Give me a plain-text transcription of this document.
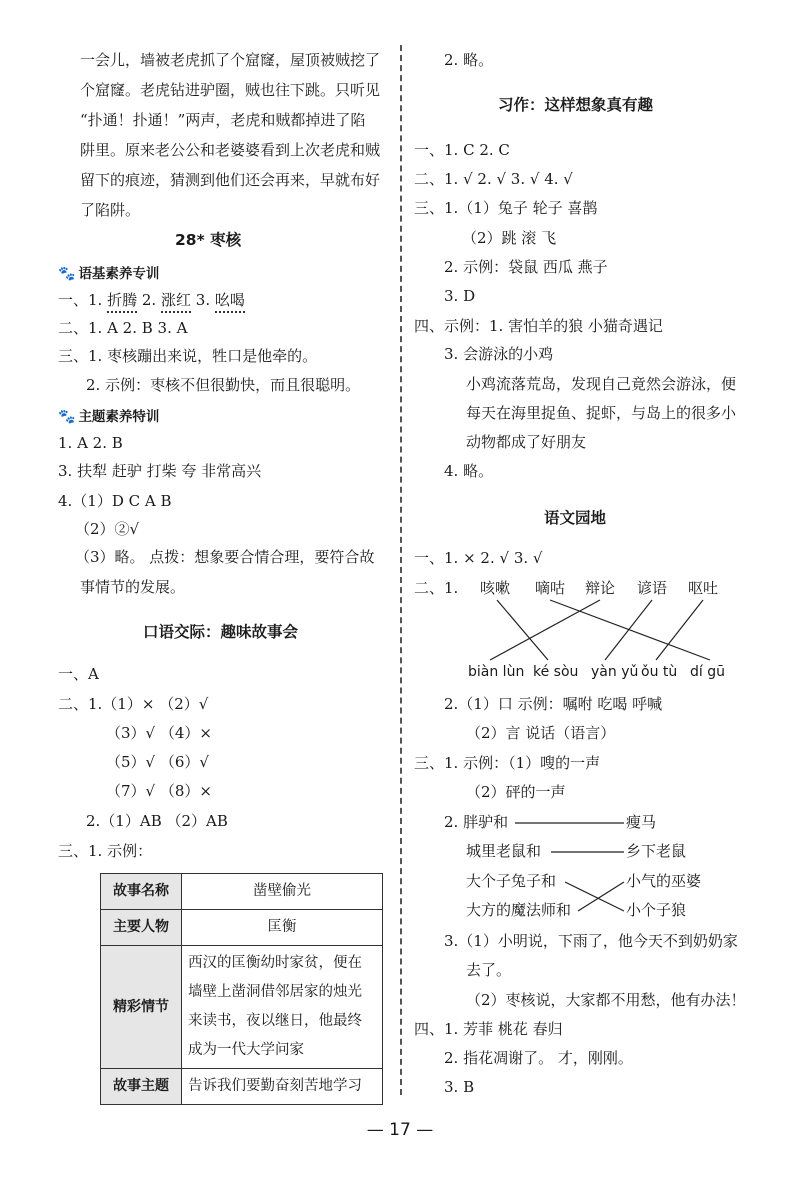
一会儿，墙被老虎抓了个窟窿，屋顶被贼挖了
个窟窿。老虎钻进驴圈，贼也往下跳。只听见
“扑通！扑通！”两声，老虎和贼都掉进了陷
阱里。原来老公公和老婆婆看到上次老虎和贼
留下的痕迹，猜测到他们还会再来，早就布好
了陷阱。
28* 枣核
🐾 语基素养专训
一、1. 折腾 2. 涨红 3. 吆喝
二、1. A 2. B 3. A
三、1. 枣核蹦出来说，牲口是他牵的。
2. 示例：枣核不但很勤快，而且很聪明。
🐾 主题素养特训
1. A 2. B
3. 扶犁 赶驴 打柴 夸 非常高兴
4.（1）D C A B
（2）②√
（3）略。 点拨：想象要合情合理，要符合故
事情节的发展。
口语交际：趣味故事会
一、A
二、1.（1）× （2）√
（3）√ （4）×
（5）√ （6）√
（7）√ （8）×
2.（1）AB （2）AB
三、1. 示例：
故事名称	凿壁偷光
主要人物	匡衡
精彩情节	西汉的匡衡幼时家贫，便在墙壁上凿洞借邻居家的烛光来读书，夜以继日，他最终成为一代大学问家
故事主题	告诉我们要勤奋刻苦地学习
2. 略。
习作：这样想象真有趣
一、1. C 2. C
二、1. √ 2. √ 3. √ 4. √
三、1.（1）兔子 轮子 喜鹊
（2）跳 滚 飞
2. 示例：袋鼠 西瓜 燕子
3. D
四、示例：1. 害怕羊的狼 小猫奇遇记
3. 会游泳的小鸡
小鸡流落荒岛，发现自己竟然会游泳，便
每天在海里捉鱼、捉虾，与岛上的很多小
动物都成了好朋友
4. 略。
语文园地
一、1. × 2. √ 3. √
二、1. 咳嗽 嘀咕 辩论 谚语 呕吐
biàn lùn ké sòu yàn yǔ ǒu tù dí gū
2.（1）口 示例：嘱咐 吃喝 呼喊
（2）言 说话（语言）
三、1. 示例：（1）嗖的一声
（2）砰的一声
2. 胖驴和
城里老鼠和
大个子兔子和
大方的魔法师和
瘦马
乡下老鼠
小气的巫婆
小个子狼
3.（1）小明说，下雨了，他今天不到奶奶家
去了。
（2）枣核说，大家都不用愁，他有办法！
四、1. 芳菲 桃花 春归
2. 指花凋谢了。 才，刚刚。
3. B
— 17 —
